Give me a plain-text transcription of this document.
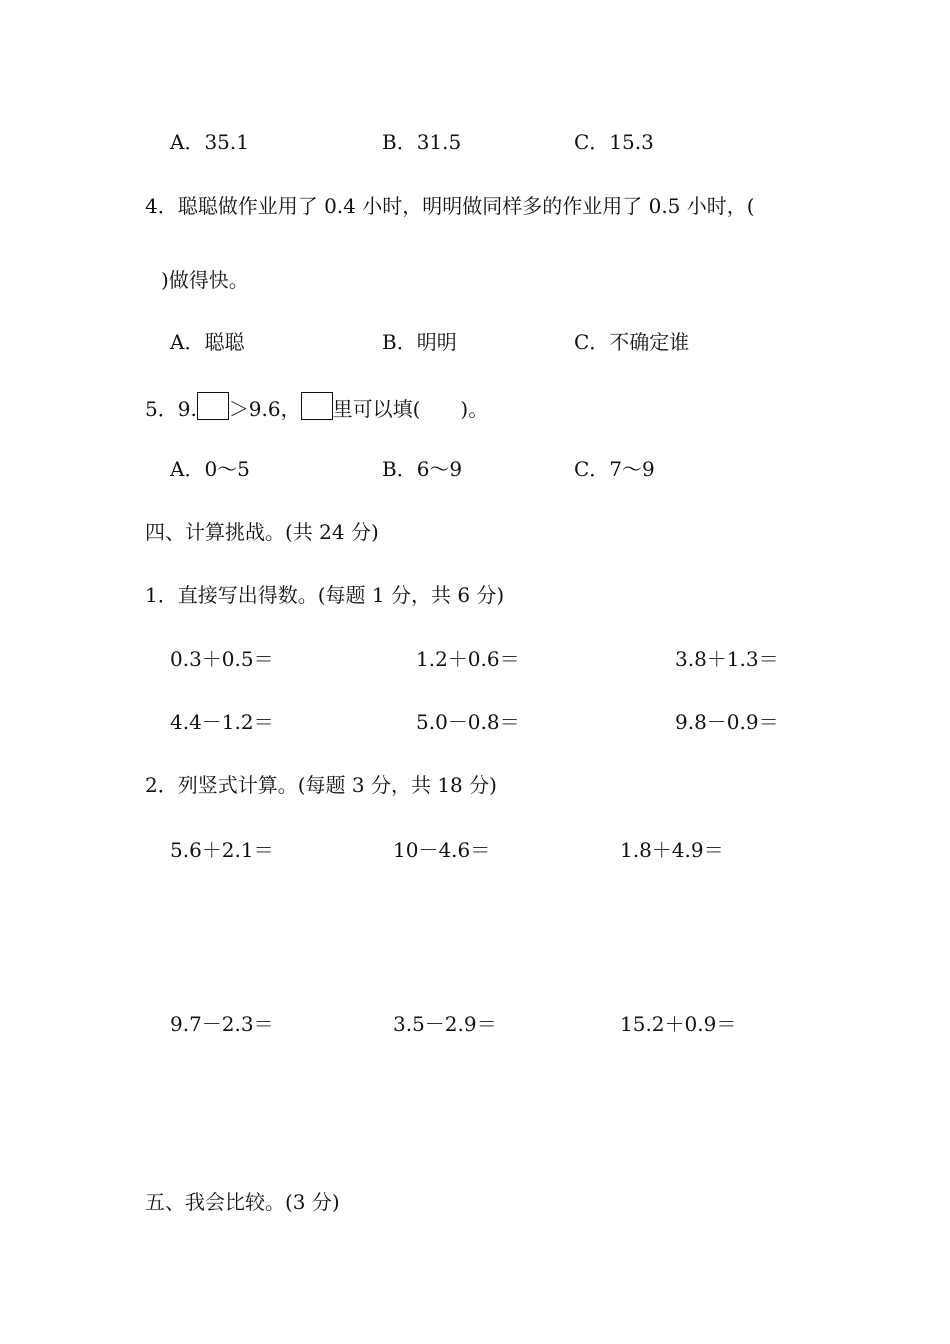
A．35.1	B．31.5	C．15.3
4．聪聪做作业用了 0.4 小时，明明做同样多的作业用了 0.5 小时，(
)做得快。
A．聪聪	B．明明	C．不确定谁
5．9. ＞9.6， 里可以填(　　)。
A．0～5	B．6～9	C．7～9
四、计算挑战。(共 24 分)
1．直接写出得数。(每题 1 分，共 6 分)
0.3＋0.5＝	1.2＋0.6＝	3.8＋1.3＝
4.4－1.2＝	5.0－0.8＝	9.8－0.9＝
2．列竖式计算。(每题 3 分，共 18 分)
5.6＋2.1＝	10－4.6＝	1.8＋4.9＝
9.7－2.3＝	3.5－2.9＝	15.2＋0.9＝
五、我会比较。(3 分)
